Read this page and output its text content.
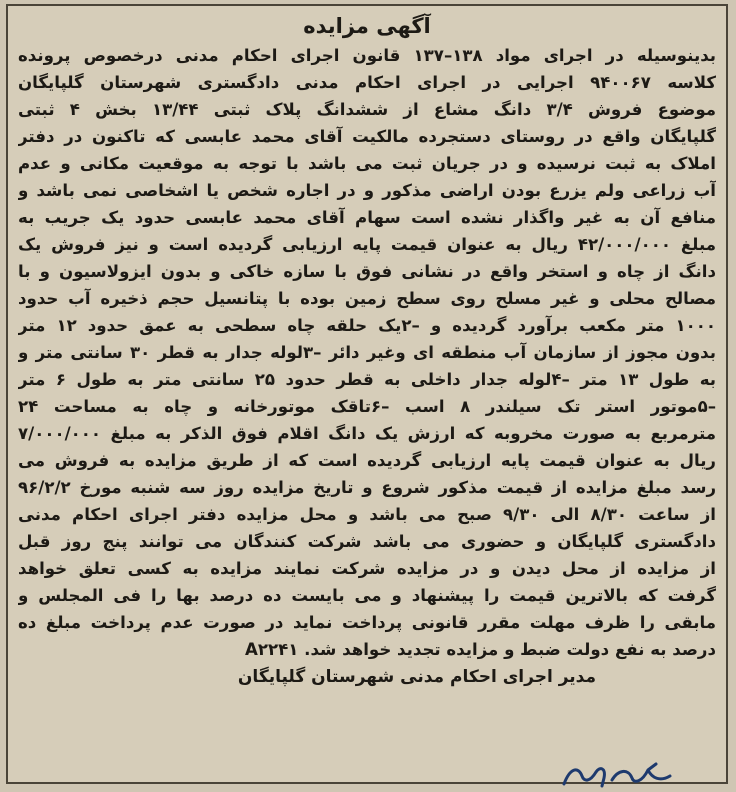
آگهی مزایده
بدینوسیله در اجرای مواد ۱۳۸–۱۳۷ قانون اجرای احکام مدنی درخصوص پرونده
کلاسه ۹۴۰۰۶۷ اجرایی در اجرای احکام مدنی دادگستری شهرستان گلپایگان
موضوع فروش ۳/۴ دانگ مشاع از ششدانگ پلاک ثبتی ۱۳/۴۴ بخش ۴ ثبتی
گلپایگان واقع در روستای دستجرده مالکیت آقای محمد عابسی که تاکنون در دفتر
املاک به ثبت نرسیده و در جریان ثبت می باشد با توجه به موقعیت مکانی و عدم
آب زراعی ولم یزرع بودن اراضی مذکور و در اجاره شخص یا اشخاصی نمی باشد و
منافع آن به غیر واگذار نشده است سهام آقای محمد عابسی حدود یک جریب به
مبلغ ۴۲/۰۰۰/۰۰۰ ریال به عنوان قیمت پایه ارزیابی گردیده است و نیز فروش یک
دانگ از چاه و استخر واقع در نشانی فوق با سازه خاکی و بدون ایزولاسیون و با
مصالح محلی و غیر مسلح روی سطح زمین بوده با پتانسیل حجم ذخیره آب حدود
۱۰۰۰ متر مکعب برآورد گردیده و –۲یک حلقه چاه سطحی به عمق حدود ۱۲ متر
بدون مجوز از سازمان آب منطقه ای وغیر دائر –۳لوله جدار به قطر ۳۰ سانتی متر و
به طول ۱۳ متر –۴لوله جدار داخلی به قطر حدود ۲۵ سانتی متر به طول ۶ متر
–۵موتور استر تک سیلندر ۸ اسب –۶تاقک موتورخانه و چاه به مساحت ۲۴
مترمربع به صورت مخروبه که ارزش یک دانگ اقلام فوق الذکر به مبلغ ۷/۰۰۰/۰۰۰
ریال به عنوان قیمت پایه ارزیابی گردیده است که از طریق مزایده به فروش می
رسد مبلغ مزایده از قیمت مذکور شروع و تاریخ مزایده روز سه شنبه مورخ ۹۶/۲/۲
از ساعت ۸/۳۰ الی ۹/۳۰ صبح می باشد و محل مزایده دفتر اجرای احکام مدنی
دادگستری گلپایگان و حضوری می باشد شرکت کنندگان می توانند پنج روز قبل
از مزایده از محل دیدن و در مزایده شرکت نمایند مزایده به کسی تعلق خواهد
گرفت که بالاترین قیمت را پیشنهاد و می بایست ده درصد بها را فی المجلس و
مابقی را ظرف مهلت مقرر قانونی پرداخت نماید در صورت عدم پرداخت مبلغ ده
درصد به نفع دولت ضبط و مزایده تجدید خواهد شد. A۲۲۴۱
مدیر اجرای احکام مدنی شهرستان گلپایگان
